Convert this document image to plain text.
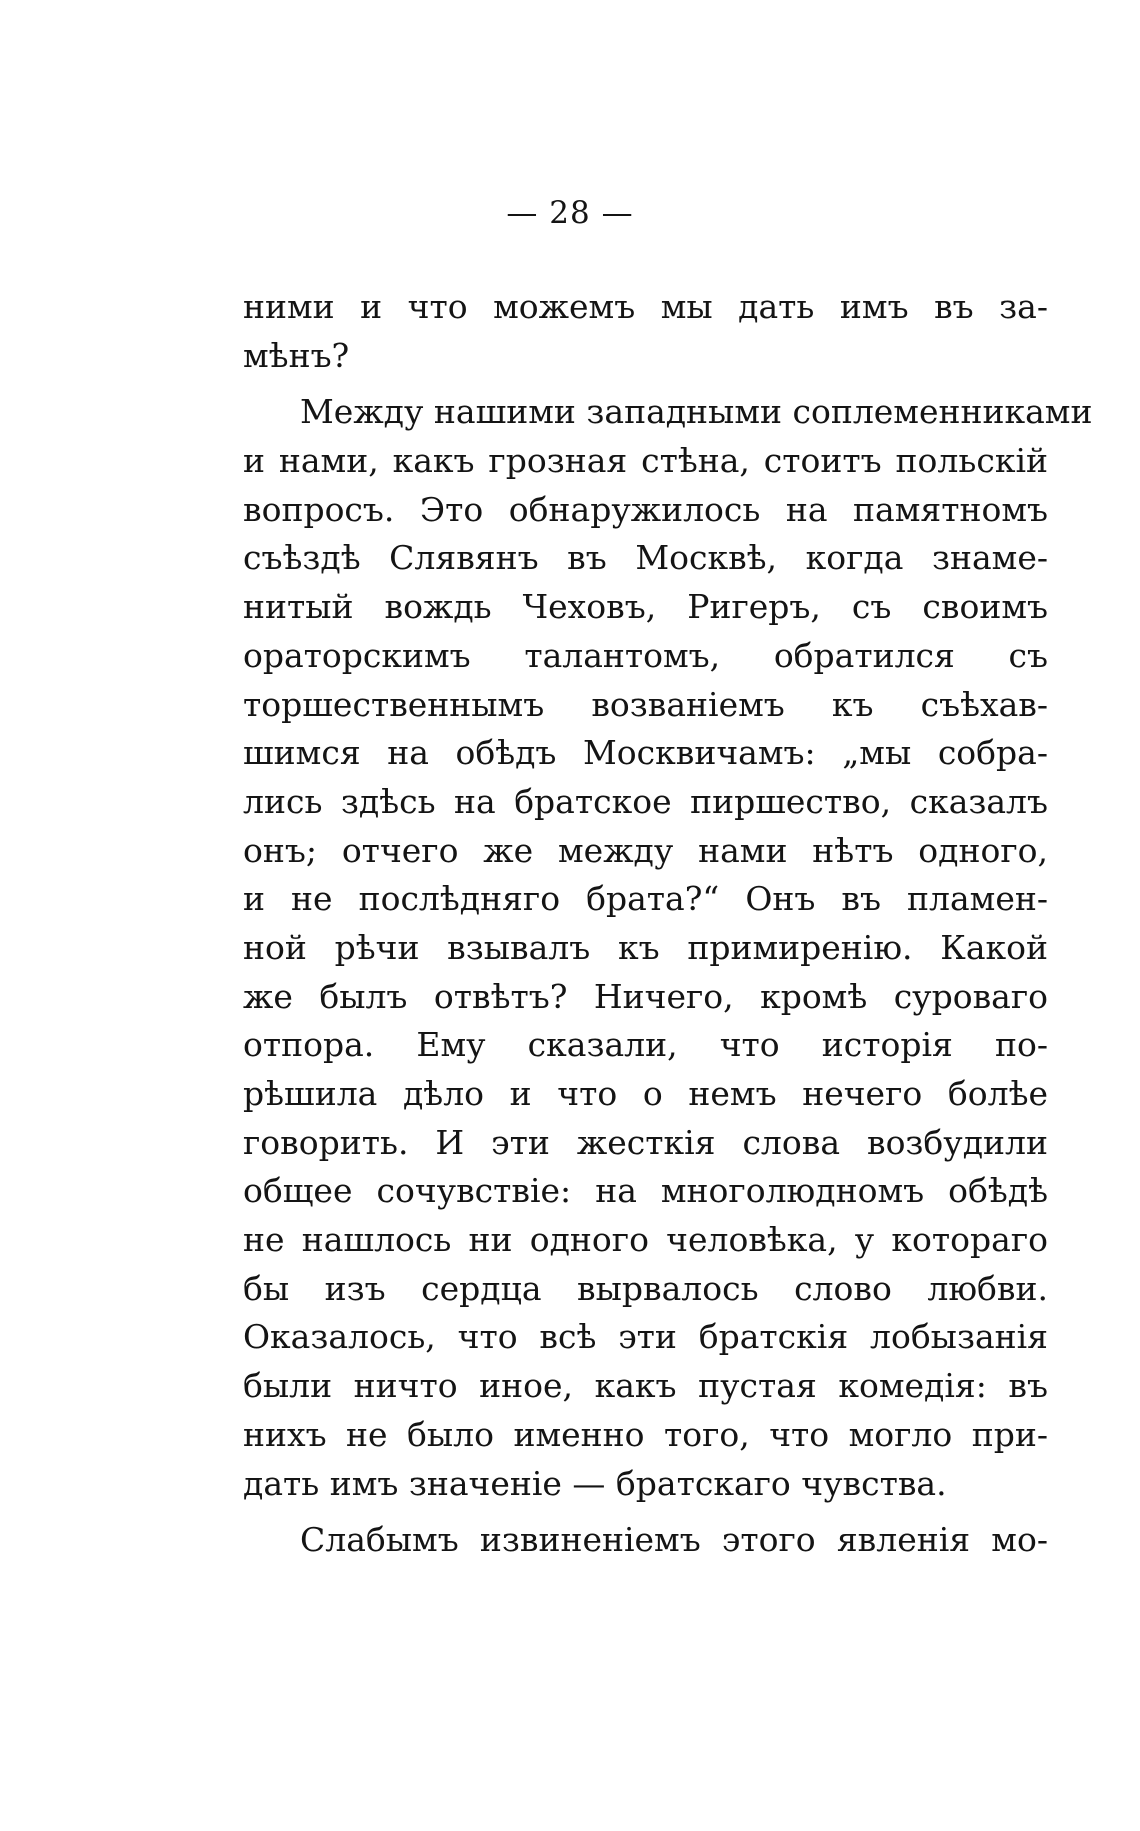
— 28 —
ними и что можемъ мы дать имъ въ за-
мѣнъ?
Между нашими западными соплеменниками
и нами, какъ грозная стѣна, стоитъ польскій
вопросъ. Это обнаружилось на памятномъ
съѣздѣ Слявянъ въ Москвѣ, когда знаме-
нитый вождь Чеховъ, Ригеръ, съ своимъ
ораторскимъ талантомъ, обратился съ
торшественнымъ возваніемъ къ съѣхав-
шимся на обѣдъ Москвичамъ: „мы собра-
лись здѣсь на братское пиршество, сказалъ
онъ; отчего же между нами нѣтъ одного,
и не послѣдняго брата?“ Онъ въ пламен-
ной рѣчи взывалъ къ примиренію. Какой
же былъ отвѣтъ? Ничего, кромѣ суроваго
отпора. Ему сказали, что исторія по-
рѣшила дѣло и что о немъ нечего болѣе
говорить. И эти жесткія слова возбудили
общее сочувствіе: на многолюдномъ обѣдѣ
не нашлось ни одного человѣка, у котораго
бы изъ сердца вырвалось слово любви.
Оказалось, что всѣ эти братскія лобызанія
были ничто иное, какъ пустая комедія: въ
нихъ не было именно того, что могло при-
дать имъ значеніе — братскаго чувства.
Слабымъ извиненіемъ этого явленія мо-
